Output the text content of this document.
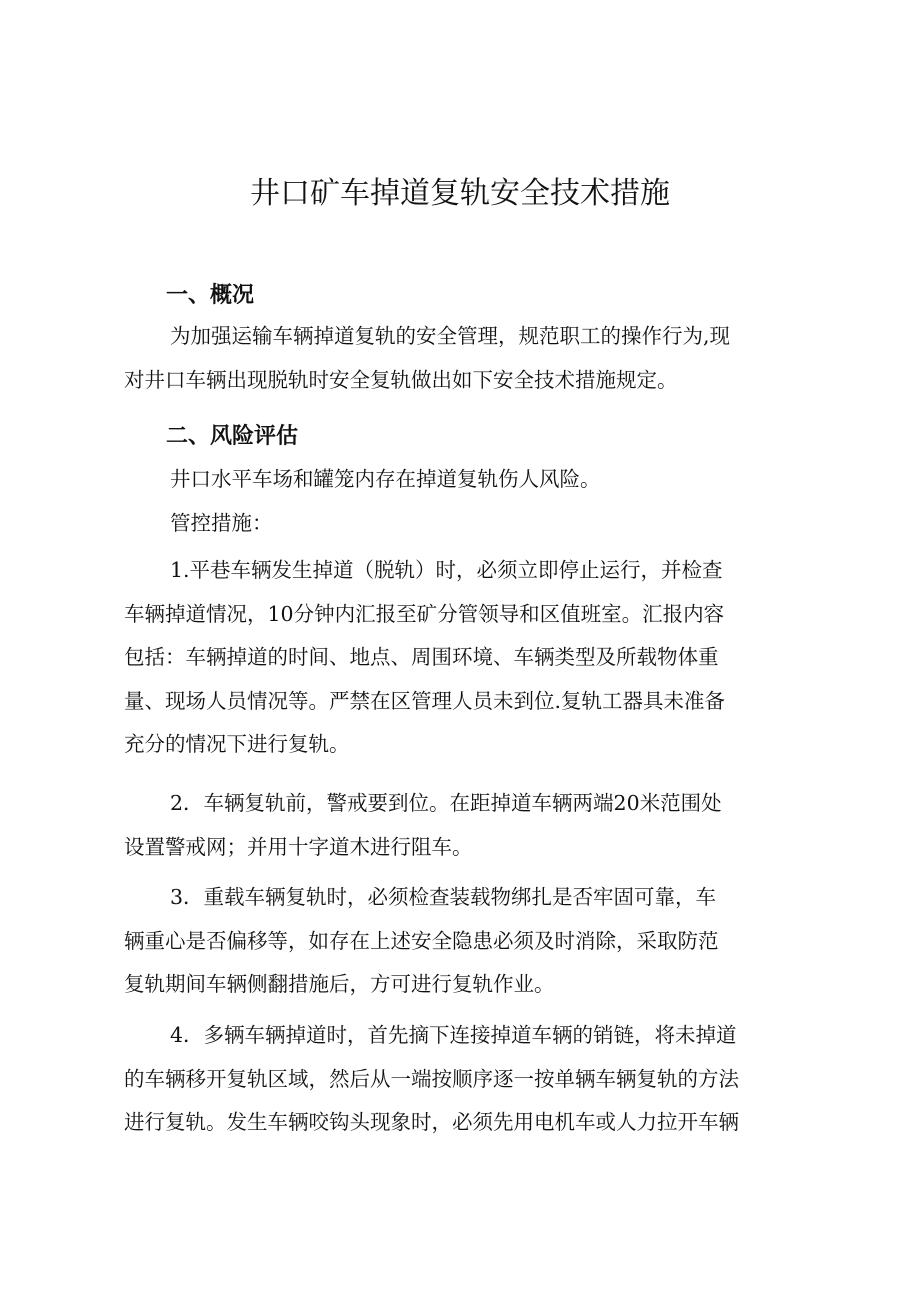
井口矿车掉道复轨安全技术措施
一、概况
为加强运输车辆掉道复轨的安全管理，规范职工的操作行为,现
对井口车辆出现脱轨时安全复轨做出如下安全技术措施规定。
二、风险评估
井口水平车场和罐笼内存在掉道复轨伤人风险。
管控措施：
1.平巷车辆发生掉道（脱轨）时，必须立即停止运行，并检查
车辆掉道情况，10分钟内汇报至矿分管领导和区值班室。汇报内容
包括：车辆掉道的时间、地点、周围环境、车辆类型及所载物体重
量、现场人员情况等。严禁在区管理人员未到位.复轨工器具未准备
充分的情况下进行复轨。
2．车辆复轨前，警戒要到位。在距掉道车辆两端20米范围处
设置警戒网；并用十字道木进行阻车。
3．重载车辆复轨时，必须检查装载物绑扎是否牢固可靠，车
辆重心是否偏移等，如存在上述安全隐患必须及时消除，采取防范
复轨期间车辆侧翻措施后，方可进行复轨作业。
4．多辆车辆掉道时，首先摘下连接掉道车辆的销链，将未掉道
的车辆移开复轨区域，然后从一端按顺序逐一按单辆车辆复轨的方法
进行复轨。发生车辆咬钩头现象时，必须先用电机车或人力拉开车辆
